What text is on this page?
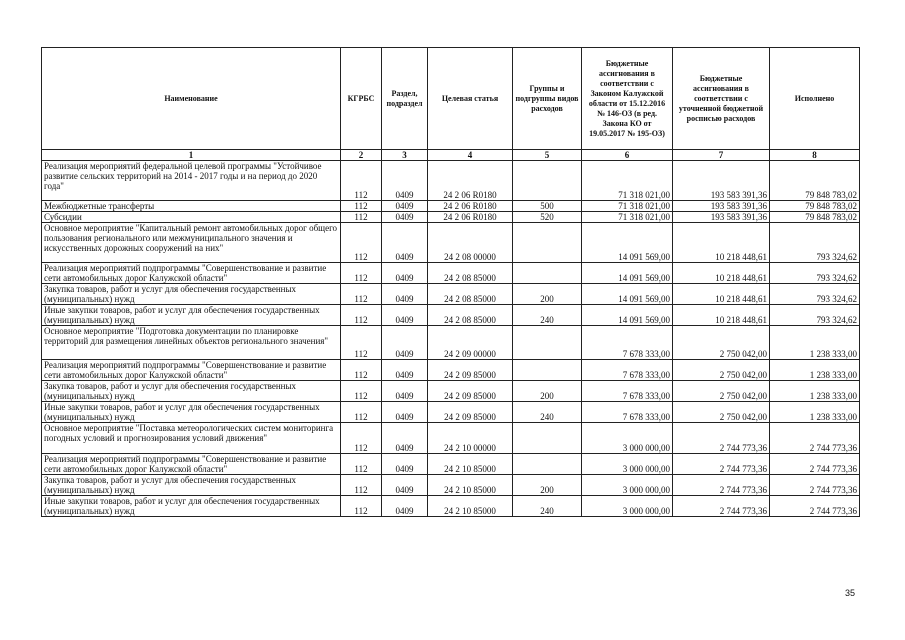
Наименование	КГРБС	Раздел, подраздел	Целевая статья	Группы и подгруппы видов расходов	Бюджетные ассигнования в соответствии с Законом Калужской области от 15.12.2016 № 146-ОЗ (в ред. Закона КО от 19.05.2017 № 195-ОЗ)	Бюджетные ассигнования в соответствии с уточненной бюджетной росписью расходов	Исполнено
1	2	3	4	5	6	7	8
Реализация мероприятий федеральной целевой программы "Устойчивое развитие сельских территорий на 2014 - 2017 годы и на период до 2020 года"	112	0409	24 2 06 R0180		71 318 021,00	193 583 391,36	79 848 783,02
Межбюджетные трансферты	112	0409	24 2 06 R0180	500	71 318 021,00	193 583 391,36	79 848 783,02
Субсидии	112	0409	24 2 06 R0180	520	71 318 021,00	193 583 391,36	79 848 783,02
Основное мероприятие "Капитальный ремонт автомобильных дорог общего пользования регионального или межмуниципального значения и искусственных дорожных сооружений на них"	112	0409	24 2 08 00000		14 091 569,00	10 218 448,61	793 324,62
Реализация мероприятий подпрограммы "Совершенствование и развитие сети автомобильных дорог Калужской области"	112	0409	24 2 08 85000		14 091 569,00	10 218 448,61	793 324,62
Закупка товаров, работ и услуг для обеспечения государственных (муниципальных) нужд	112	0409	24 2 08 85000	200	14 091 569,00	10 218 448,61	793 324,62
Иные закупки товаров, работ и услуг для обеспечения государственных (муниципальных) нужд	112	0409	24 2 08 85000	240	14 091 569,00	10 218 448,61	793 324,62
Основное мероприятие "Подготовка документации по планировке территорий для размещения линейных объектов регионального значения"	112	0409	24 2 09 00000		7 678 333,00	2 750 042,00	1 238 333,00
Реализация мероприятий подпрограммы "Совершенствование и развитие сети автомобильных дорог Калужской области"	112	0409	24 2 09 85000		7 678 333,00	2 750 042,00	1 238 333,00
Закупка товаров, работ и услуг для обеспечения государственных (муниципальных) нужд	112	0409	24 2 09 85000	200	7 678 333,00	2 750 042,00	1 238 333,00
Иные закупки товаров, работ и услуг для обеспечения государственных (муниципальных) нужд	112	0409	24 2 09 85000	240	7 678 333,00	2 750 042,00	1 238 333,00
Основное мероприятие "Поставка метеорологических систем мониторинга погодных условий и прогнозирования условий движения"	112	0409	24 2 10 00000		3 000 000,00	2 744 773,36	2 744 773,36
Реализация мероприятий подпрограммы "Совершенствование и развитие сети автомобильных дорог Калужской области"	112	0409	24 2 10 85000		3 000 000,00	2 744 773,36	2 744 773,36
Закупка товаров, работ и услуг для обеспечения государственных (муниципальных) нужд	112	0409	24 2 10 85000	200	3 000 000,00	2 744 773,36	2 744 773,36
Иные закупки товаров, работ и услуг для обеспечения государственных (муниципальных) нужд	112	0409	24 2 10 85000	240	3 000 000,00	2 744 773,36	2 744 773,36
35
